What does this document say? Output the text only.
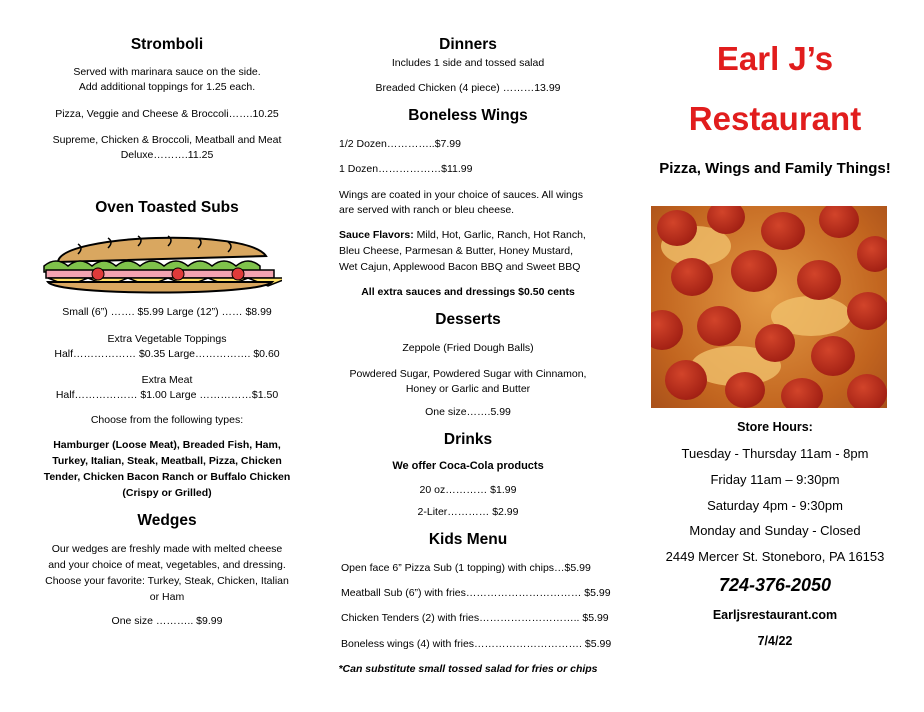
Stromboli
Served with marinara sauce on the side.
Add additional toppings for 1.25 each.
Pizza, Veggie and Cheese & Broccoli…….10.25
Supreme, Chicken & Broccoli, Meatball and Meat
Deluxe……….11.25
Oven Toasted Subs
Small (6”) ……. $5.99 Large (12”) …… $8.99
Extra Vegetable Toppings
Half……………… $0.35 Large……………. $0.60
Extra Meat
Half……………… $1.00 Large ……………$1.50
Choose from the following types:
Hamburger (Loose Meat), Breaded Fish, Ham,
Turkey, Italian, Steak, Meatball, Pizza, Chicken
Tender, Chicken Bacon Ranch or Buffalo Chicken
(Crispy or Grilled)
Wedges
Our wedges are freshly made with melted cheese
and your choice of meat, vegetables, and dressing.
Choose your favorite: Turkey, Steak, Chicken, Italian
or Ham
One size ……….. $9.99
Dinners
Includes 1 side and tossed salad
Breaded Chicken (4 piece) ………13.99
Boneless Wings
1/2 Dozen…………..$7.99
1 Dozen………………$11.99
Wings are coated in your choice of sauces. All wings
are served with ranch or bleu cheese.
Sauce Flavors: Mild, Hot, Garlic, Ranch, Hot Ranch,
Bleu Cheese, Parmesan & Butter, Honey Mustard,
Wet Cajun, Applewood Bacon BBQ and Sweet BBQ
All extra sauces and dressings $0.50 cents
Desserts
Zeppole (Fried Dough Balls)
Powdered Sugar, Powdered Sugar with Cinnamon,
Honey or Garlic and Butter
One size…….5.99
Drinks
We offer Coca-Cola products
20 oz………… $1.99
2-Liter………… $2.99
Kids Menu
Open face 6” Pizza Sub (1 topping) with chips…$5.99
Meatball Sub (6”) with fries…………………………… $5.99
Chicken Tenders (2) with fries……………………….. $5.99
Boneless wings (4) with fries…………………………. $5.99
*Can substitute small tossed salad for fries or chips
Earl J’s
Restaurant
Pizza, Wings and Family Things!
Store Hours:
Tuesday - Thursday 11am - 8pm
Friday 11am – 9:30pm
Saturday 4pm - 9:30pm
Monday and Sunday - Closed
2449 Mercer St. Stoneboro, PA 16153
724-376-2050
Earljsrestaurant.com
7/4/22
